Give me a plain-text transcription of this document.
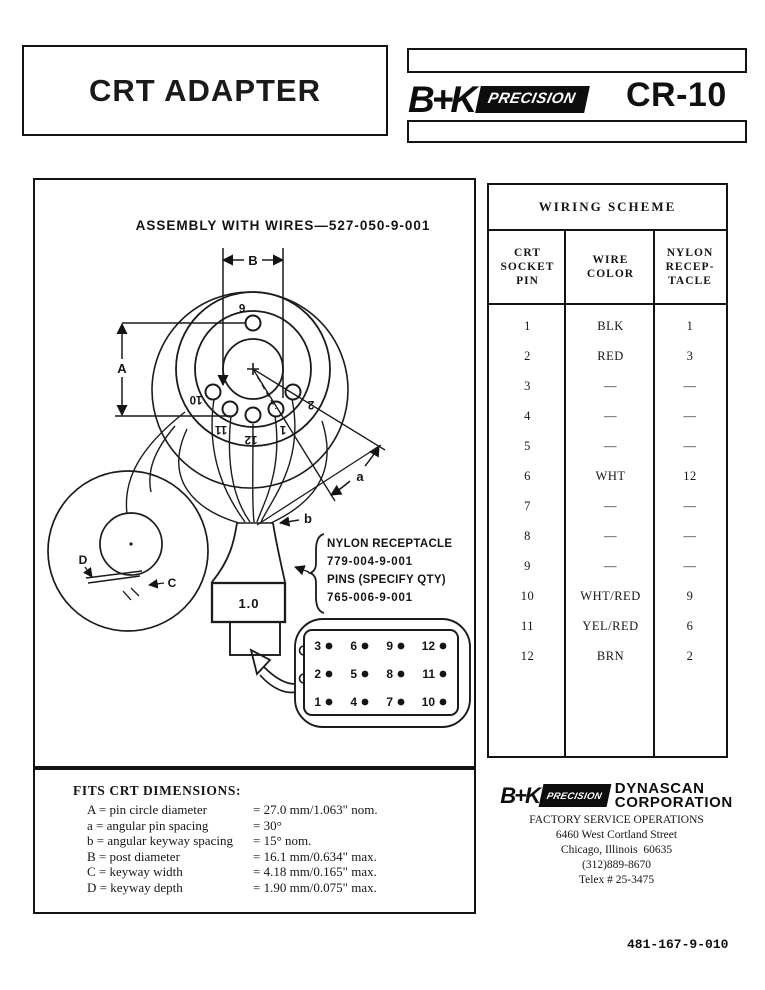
CRT ADAPTER B+K PRECISION	CR-10
ASSEMBLY WITH WIRES—527-050-9-001
6
10
11
12
1
2
B
A
a
D
C
1.0
b
NYLON RECEPTACLE
779-004-9-001
PINS (SPECIFY QTY)
765-006-9-001
3 6 9 12
2 5 8 11
1 4 7 10
WIRING SCHEME
CRT
SOCKET
PIN
WIRE
COLOR
NYLON
RECEP-
TACLE
1	BLK	1
2	RED	3
3	—	—
4	—	—
5	—	—
6	WHT	12
7	—	—
8	—	—
9	—	—
10	WHT/RED	9
11	YEL/RED	6
12	BRN	2
FITS CRT DIMENSIONS:
A = pin circle diameter	= 27.0 mm/1.063" nom.
a = angular pin spacing	= 30°
b = angular keyway spacing = 15° nom.
B = post diameter	= 16.1 mm/0.634" max.
C = keyway width	= 4.18 mm/0.165" max.
D = keyway depth	= 1.90 mm/0.075" max.
B+K PRECISION DYNASCAN
CORPORATION
FACTORY SERVICE OPERATIONS
6460 West Cortland Street
Chicago, Illinois  60635
(312)889-8670
Telex # 25-3475
481-167-9-010
